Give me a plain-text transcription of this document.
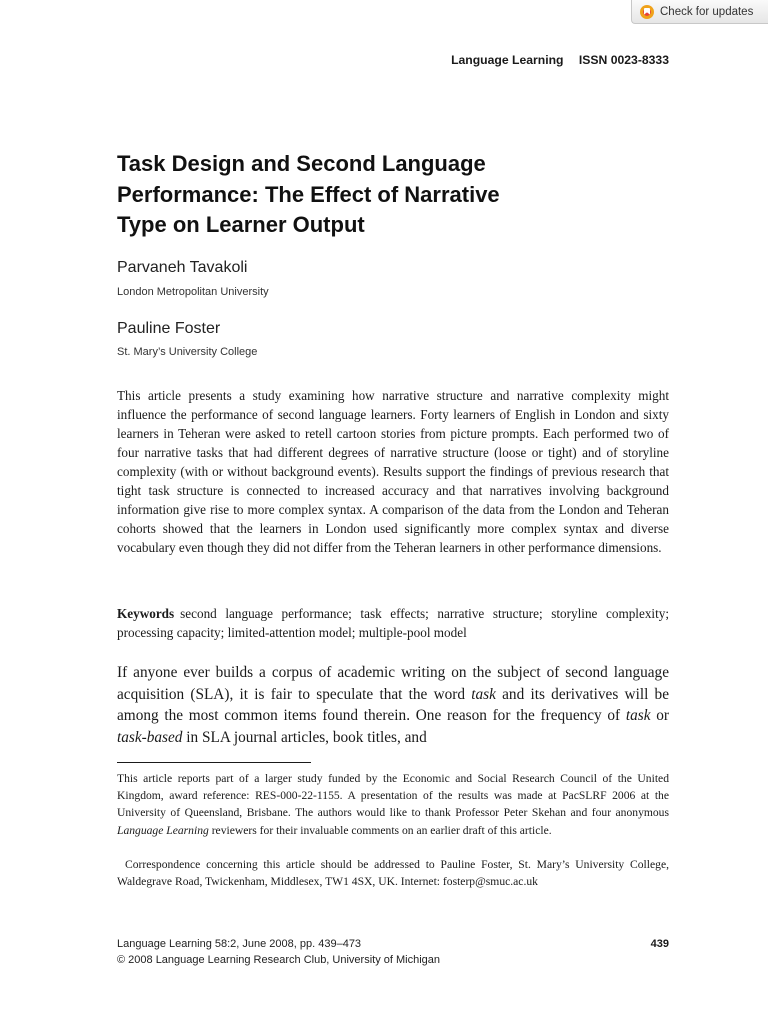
Check for updates
Language Learning ISSN 0023-8333
Task Design and Second Language
Performance: The Effect of Narrative
Type on Learner Output

Parvaneh Tavakoli

London Metropolitan University

Pauline Foster

St. Mary’s University College

This article presents a study examining how narrative structure and narrative complexity might influence the performance of second language learners. Forty learners of English in London and sixty learners in Teheran were asked to retell cartoon stories from picture prompts. Each performed two of four narrative tasks that had different degrees of narrative structure (loose or tight) and of storyline complexity (with or without background events). Results support the findings of previous research that tight task structure is connected to increased accuracy and that narratives involving background information give rise to more complex syntax. A comparison of the data from the London and Teheran cohorts showed that the learners in London used significantly more complex syntax and diverse vocabulary even though they did not differ from the Teheran learners in other performance dimensions.

Keywords second language performance; task effects; narrative structure; storyline complexity; processing capacity; limited-attention model; multiple-pool model

If anyone ever builds a corpus of academic writing on the subject of second language acquisition (SLA), it is fair to speculate that the word task and its derivatives will be among the most common items found therein. One reason for the frequency of task or task-based in SLA journal articles, book titles, and

This article reports part of a larger study funded by the Economic and Social Research Council of the United Kingdom, award reference: RES-000-22-1155. A presentation of the results was made at PacSLRF 2006 at the University of Queensland, Brisbane. The authors would like to thank Professor Peter Skehan and four anonymous Language Learning reviewers for their invaluable comments on an earlier draft of this article.

Correspondence concerning this article should be addressed to Pauline Foster, St. Mary’s University College, Waldegrave Road, Twickenham, Middlesex, TW1 4SX, UK. Internet: fosterp@smuc.ac.uk

Language Learning 58:2, June 2008, pp. 439–473
© 2008 Language Learning Research Club, University of Michigan
439
